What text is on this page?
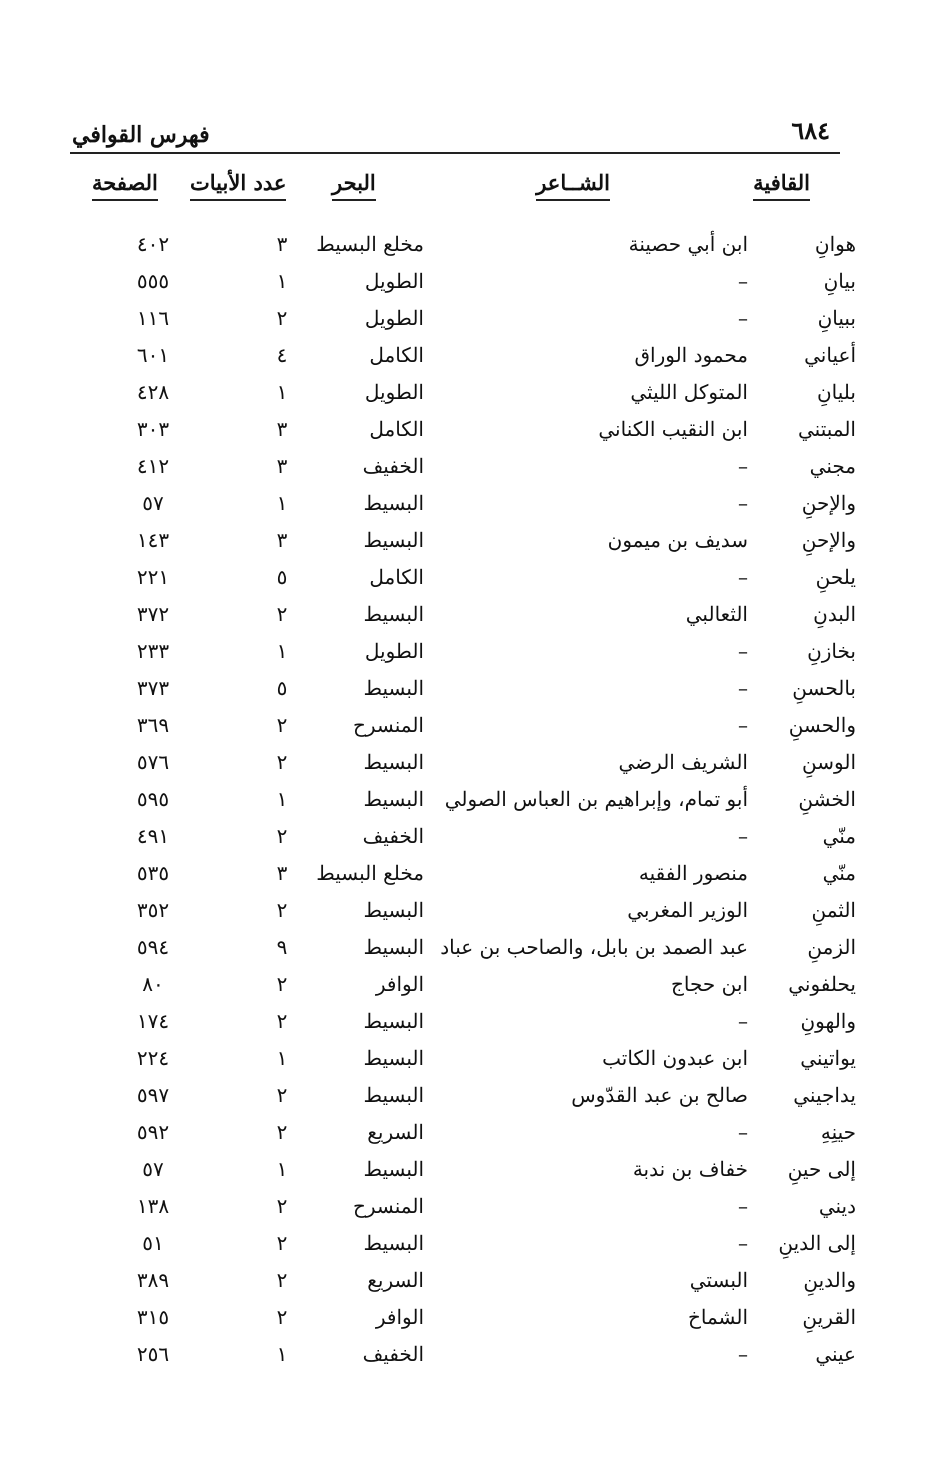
٦٨٤
فهرس القوافي
القافية
الشــاعر
البحر
عدد الأبيات
الصفحة
هوانِ
ابن أبي حصينة
مخلع البسيط
٣
٤٠٢
بيانِ
–
الطويل
١
٥٥٥
ببيانِ
–
الطويل
٢
١١٦
أعياني
محمود الوراق
الكامل
٤
٦٠١
بليانِ
المتوكل الليثي
الطويل
١
٤٢٨
المبتني
ابن النقيب الكناني
الكامل
٣
٣٠٣
مجني
–
الخفيف
٣
٤١٢
والإحنِ
–
البسيط
١
٥٧
والإحنِ
سديف بن ميمون
البسيط
٣
١٤٣
يلحنِ
–
الكامل
٥
٢٢١
البدنِ
الثعالبي
البسيط
٢
٣٧٢
بخازنِ
–
الطويل
١
٢٣٣
بالحسنِ
–
البسيط
٥
٣٧٣
والحسنِ
–
المنسرح
٢
٣٦٩
الوسنِ
الشريف الرضي
البسيط
٢
٥٧٦
الخشنِ
أبو تمام، وإبراهيم بن العباس الصولي
البسيط
١
٥٩٥
منّي
–
الخفيف
٢
٤٩١
منّي
منصور الفقيه
مخلع البسيط
٣
٥٣٥
الثمنِ
الوزير المغربي
البسيط
٢
٣٥٢
الزمنِ
عبد الصمد بن بابل، والصاحب بن عباد
البسيط
٩
٥٩٤
يحلفوني
ابن حجاج
الوافر
٢
٨٠
والهونِ
–
البسيط
٢
١٧٤
يواتيني
ابن عبدون الكاتب
البسيط
١
٢٢٤
يداجيني
صالح بن عبد القدّوس
البسيط
٢
٥٩٧
حينِهِ
–
السريع
٢
٥٩٢
إلى حينِ
خفاف بن ندبة
البسيط
١
٥٧
ديني
–
المنسرح
٢
١٣٨
إلى الدينِ
–
البسيط
٢
٥١
والدينِ
البستي
السريع
٢
٣٨٩
القرينِ
الشماخ
الوافر
٢
٣١٥
عيني
–
الخفيف
١
٢٥٦
